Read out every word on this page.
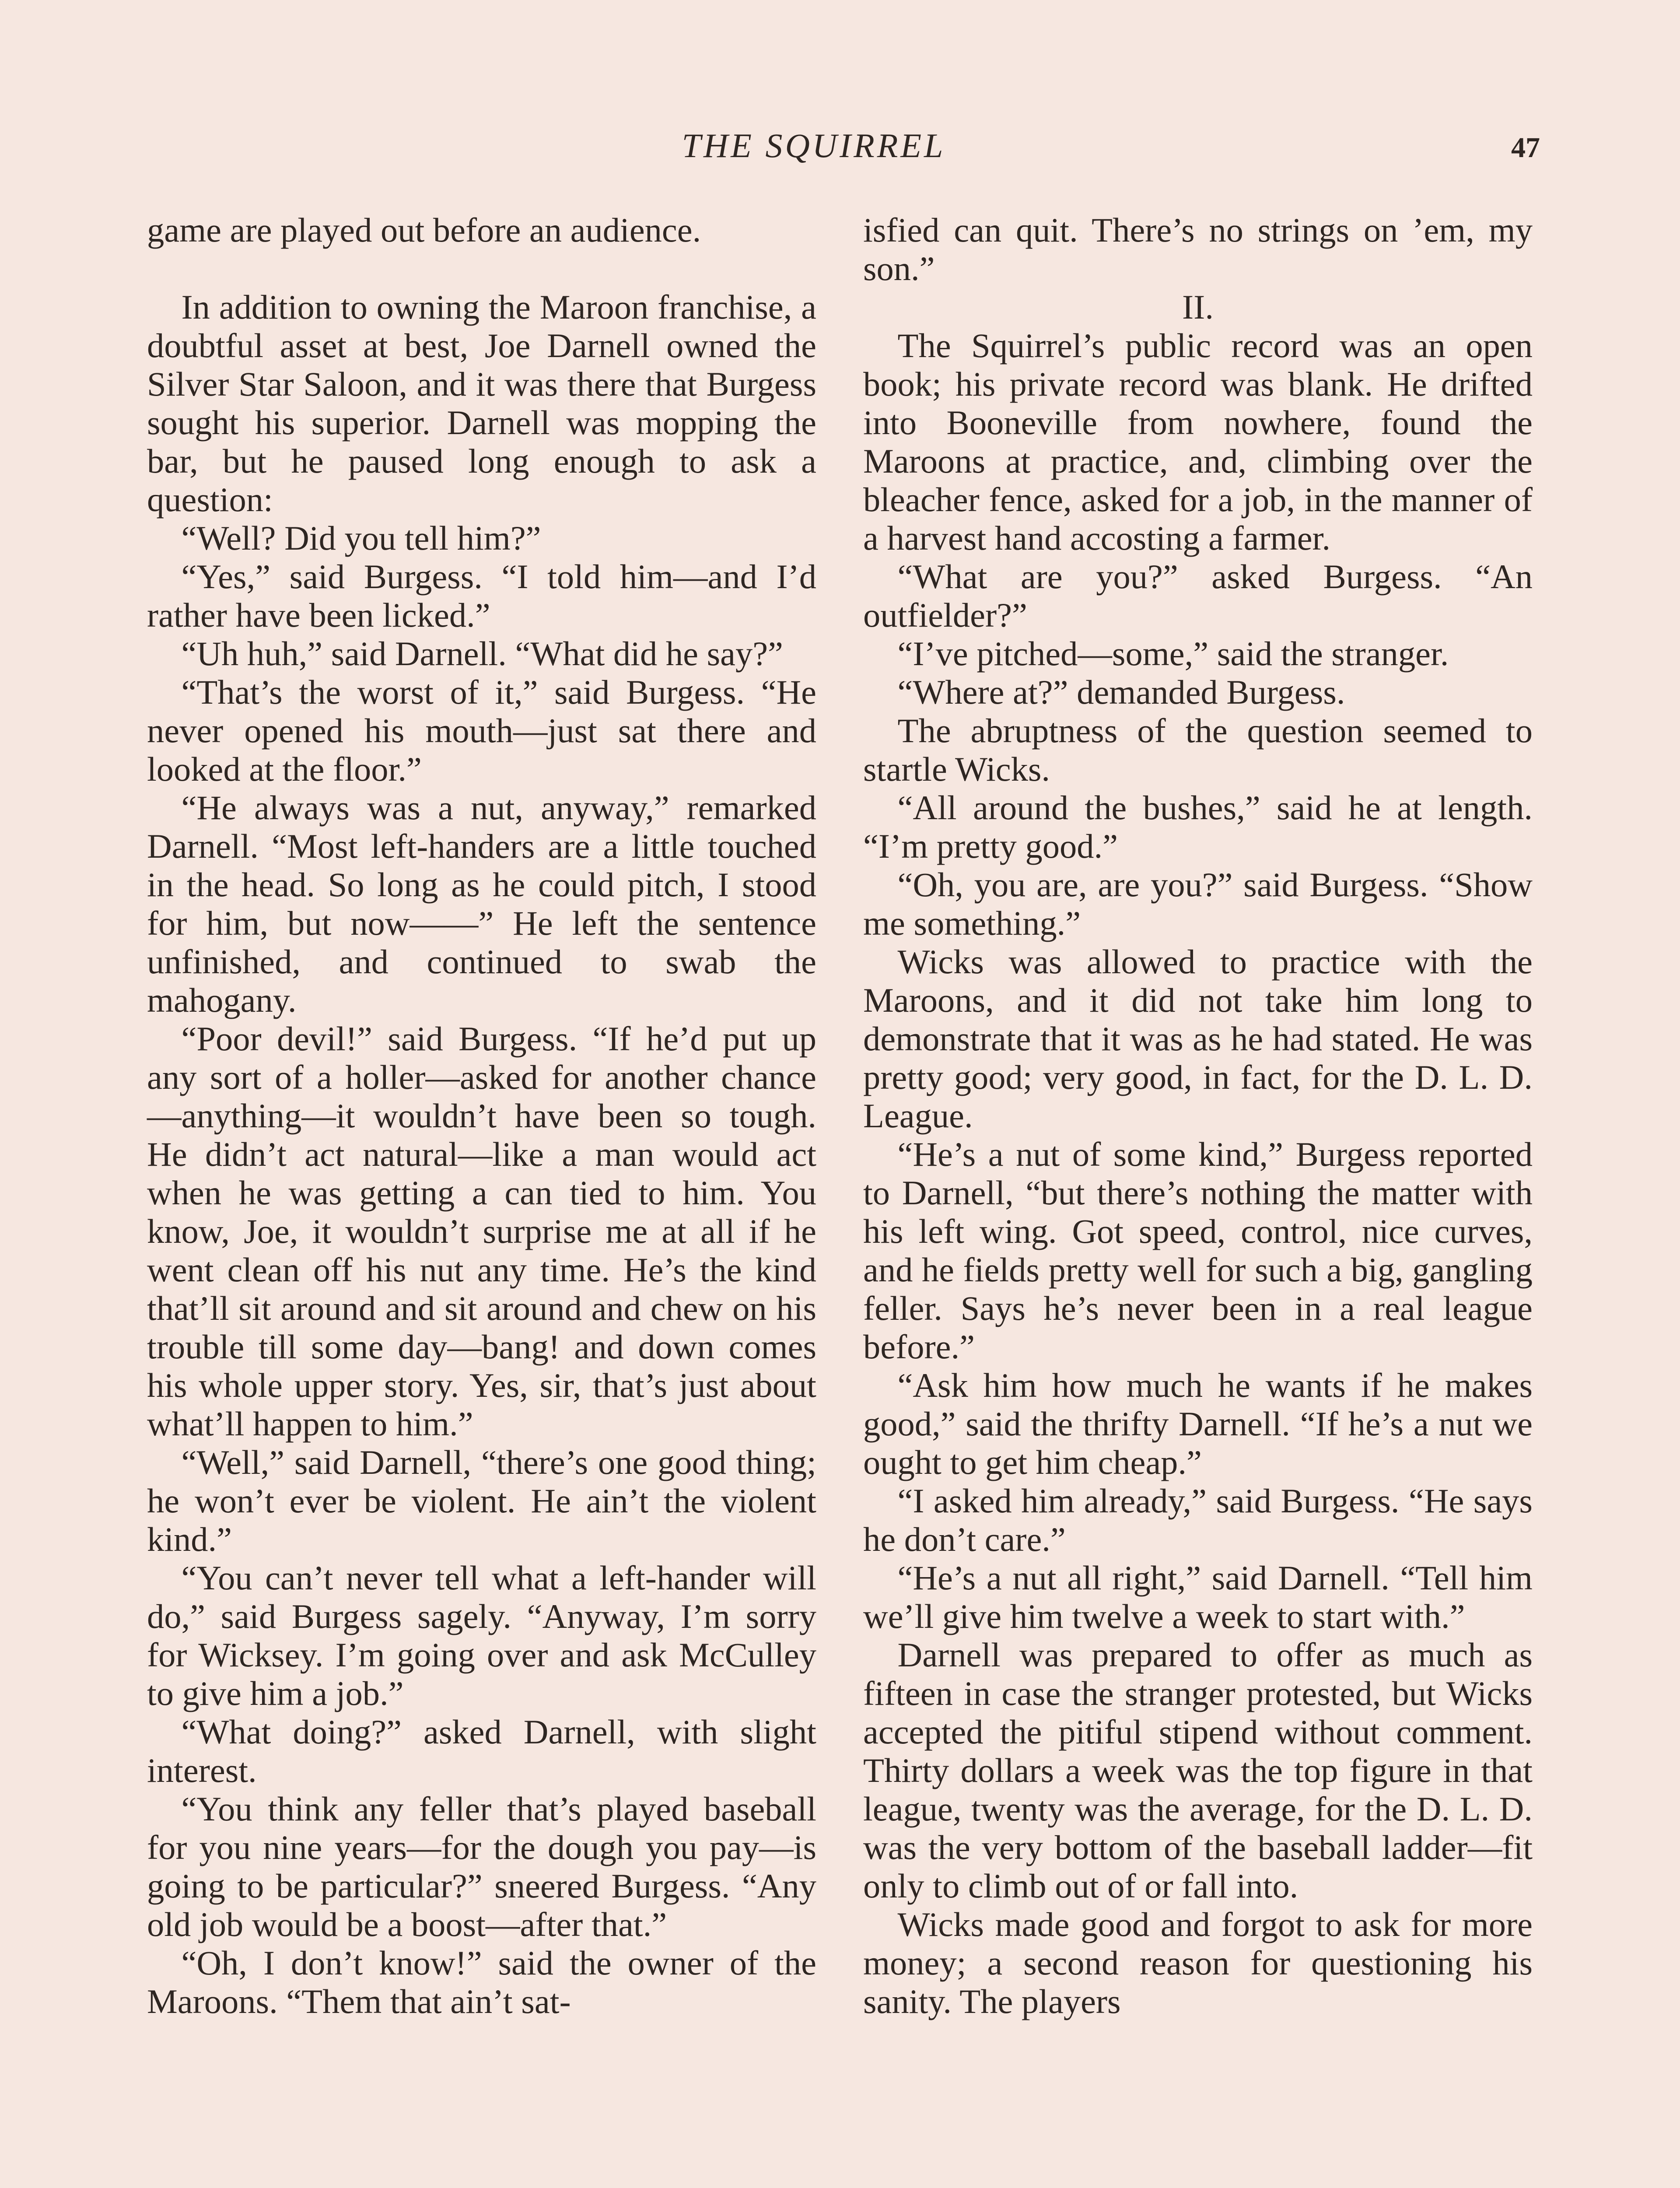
THE SQUIRREL	47

game are played out before an audience.

In addition to owning the Maroon franchise, a doubtful asset at best, Joe Darnell owned the Silver Star Saloon, and it was there that Burgess sought his superior. Darnell was mopping the bar, but he paused long enough to ask a question:

“Well? Did you tell him?”

“Yes,” said Burgess. “I told him—and I’d rather have been licked.”

“Uh huh,” said Darnell. “What did he say?”

“That’s the worst of it,” said Burgess. “He never opened his mouth—just sat there and looked at the floor.”

“He always was a nut, anyway,” remarked Darnell. “Most left-handers are a little touched in the head. So long as he could pitch, I stood for him, but now——” He left the sentence unfinished, and continued to swab the mahogany.

“Poor devil!” said Burgess. “If he’d put up any sort of a holler—asked for another chance—anything—it wouldn’t have been so tough. He didn’t act natural—like a man would act when he was getting a can tied to him. You know, Joe, it wouldn’t surprise me at all if he went clean off his nut any time. He’s the kind that’ll sit around and sit around and chew on his trouble till some day—bang! and down comes his whole upper story. Yes, sir, that’s just about what’ll happen to him.”

“Well,” said Darnell, “there’s one good thing; he won’t ever be violent. He ain’t the violent kind.”

“You can’t never tell what a left-hander will do,” said Burgess sagely. “Anyway, I’m sorry for Wicksey. I’m going over and ask McCulley to give him a job.”

“What doing?” asked Darnell, with slight interest.

“You think any feller that’s played baseball for you nine years—for the dough you pay—is going to be particular?” sneered Burgess. “Any old job would be a boost—after that.”

“Oh, I don’t know!” said the owner of the Maroons. “Them that ain’t sat-

isfied can quit. There’s no strings on ’em, my son.”

II.

The Squirrel’s public record was an open book; his private record was blank. He drifted into Booneville from nowhere, found the Maroons at practice, and, climbing over the bleacher fence, asked for a job, in the manner of a harvest hand accosting a farmer.

“What are you?” asked Burgess. “An outfielder?”

“I’ve pitched—some,” said the stranger.

“Where at?” demanded Burgess.

The abruptness of the question seemed to startle Wicks.

“All around the bushes,” said he at length. “I’m pretty good.”

“Oh, you are, are you?” said Burgess. “Show me something.”

Wicks was allowed to practice with the Maroons, and it did not take him long to demonstrate that it was as he had stated. He was pretty good; very good, in fact, for the D. L. D. League.

“He’s a nut of some kind,” Burgess reported to Darnell, “but there’s nothing the matter with his left wing. Got speed, control, nice curves, and he fields pretty well for such a big, gangling feller. Says he’s never been in a real league before.”

“Ask him how much he wants if he makes good,” said the thrifty Darnell. “If he’s a nut we ought to get him cheap.”

“I asked him already,” said Burgess. “He says he don’t care.”

“He’s a nut all right,” said Darnell. “Tell him we’ll give him twelve a week to start with.”

Darnell was prepared to offer as much as fifteen in case the stranger protested, but Wicks accepted the pitiful stipend without comment. Thirty dollars a week was the top figure in that league, twenty was the average, for the D. L. D. was the very bottom of the baseball ladder—fit only to climb out of or fall into.

Wicks made good and forgot to ask for more money; a second reason for questioning his sanity. The players
